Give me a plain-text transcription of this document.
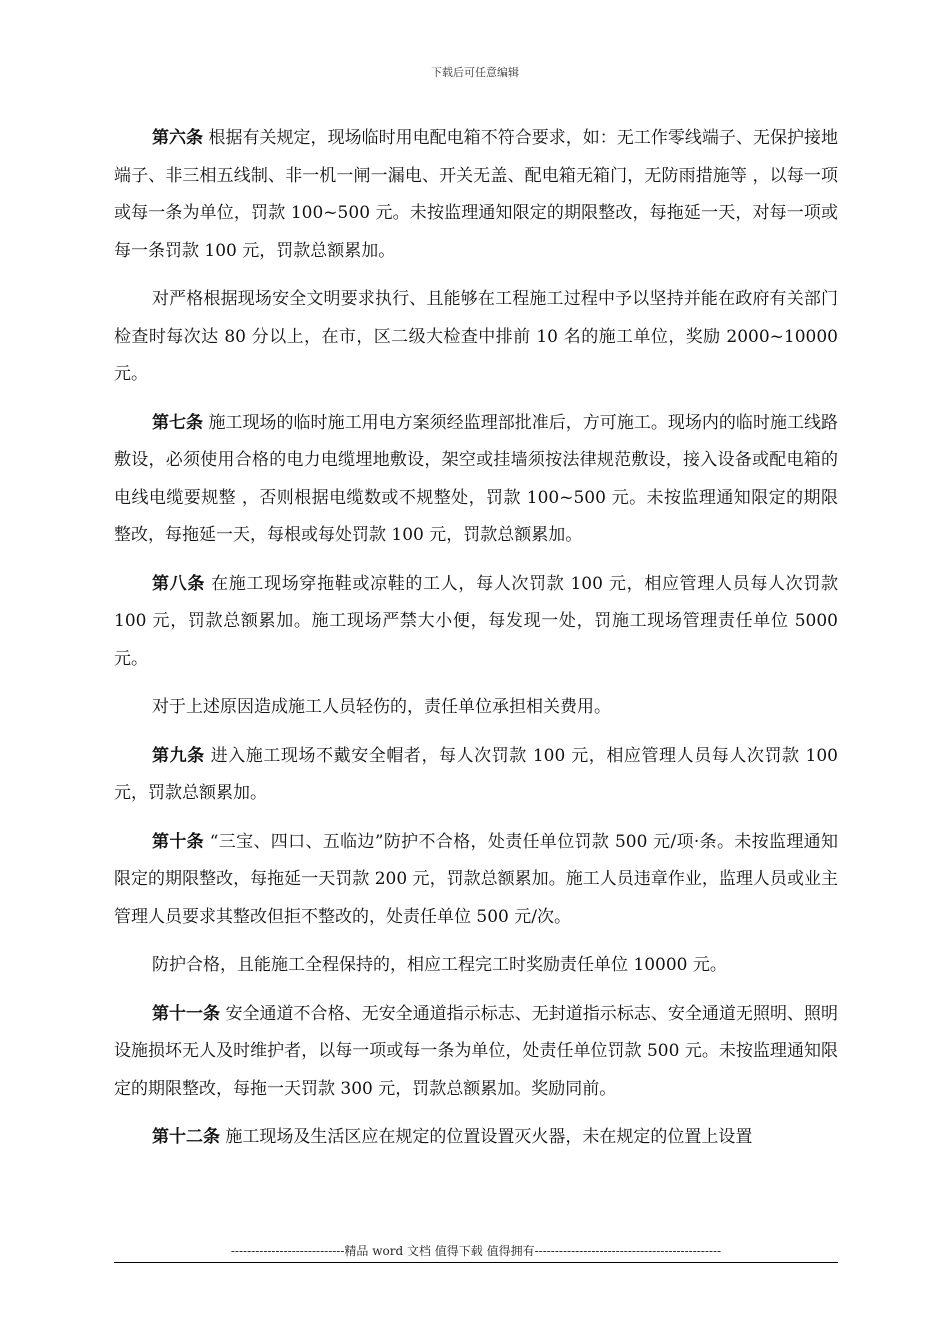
下载后可任意编辑

第六条 根据有关规定，现场临时用电配电箱不符合要求，如：无工作零线端子、无保护接地端子、非三相五线制、非一机一闸一漏电、开关无盖、配电箱无箱门，无防雨措施等 ，以每一项或每一条为单位，罚款 100~500 元。未按监理通知限定的期限整改，每拖延一天，对每一项或每一条罚款 100 元，罚款总额累加。

对严格根据现场安全文明要求执行、且能够在工程施工过程中予以坚持并能在政府有关部门检查时每次达 80 分以上，在市，区二级大检查中排前 10 名的施工单位，奖励 2000~10000 元。

第七条 施工现场的临时施工用电方案须经监理部批准后，方可施工。现场内的临时施工线路敷设，必须使用合格的电力电缆埋地敷设，架空或挂墙须按法律规范敷设，接入设备或配电箱的电线电缆要规整 ，否则根据电缆数或不规整处，罚款 100~500 元。未按监理通知限定的期限整改，每拖延一天，每根或每处罚款 100 元，罚款总额累加。

第八条 在施工现场穿拖鞋或凉鞋的工人，每人次罚款 100 元，相应管理人员每人次罚款 100 元，罚款总额累加。施工现场严禁大小便，每发现一处，罚施工现场管理责任单位 5000 元。

对于上述原因造成施工人员轻伤的，责任单位承担相关费用。

第九条 进入施工现场不戴安全帽者，每人次罚款 100 元，相应管理人员每人次罚款 100 元，罚款总额累加。

第十条 “三宝、四口、五临边”防护不合格，处责任单位罚款 500 元/项·条。未按监理通知限定的期限整改，每拖延一天罚款 200 元，罚款总额累加。施工人员违章作业，监理人员或业主管理人员要求其整改但拒不整改的，处责任单位 500 元/次。

防护合格，且能施工全程保持的，相应工程完工时奖励责任单位 10000 元。

第十一条 安全通道不合格、无安全通道指示标志、无封道指示标志、安全通道无照明、照明设施损坏无人及时维护者，以每一项或每一条为单位，处责任单位罚款 500 元。未按监理通知限定的期限整改，每拖一天罚款 300 元，罚款总额累加。奖励同前。

第十二条 施工现场及生活区应在规定的位置设置灭火器，未在规定的位置上设置

----------------------------精品 word 文档 值得下载 值得拥有----------------------------------------------
